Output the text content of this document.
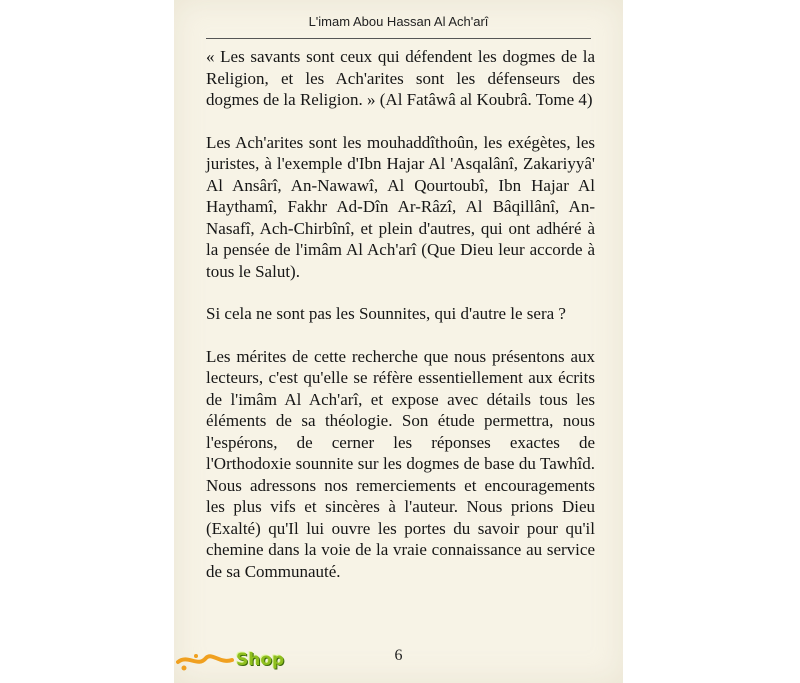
L'imam Abou Hassan Al Ach'arî

« Les savants sont ceux qui défendent les dogmes de la Religion, et les Ach'arites sont les défenseurs des dogmes de la Religion. » (Al Fatâwâ al Koubrâ. Tome 4)

Les Ach'arites sont les mouhaddîthoûn, les exégètes, les juristes, à l'exemple d'Ibn Hajar Al 'Asqalânî, Zakariyyâ' Al Ansârî, An-Nawawî, Al Qourtoubî, Ibn Hajar Al Haythamî, Fakhr Ad-Dîn Ar-Râzî, Al Bâqillânî, An-Nasafî, Ach-Chirbînî, et plein d'autres, qui ont adhéré à la pensée de l'imâm Al Ach'arî (Que Dieu leur accorde à tous le Salut).

Si cela ne sont pas les Sounnites, qui d'autre le sera ?

Les mérites de cette recherche que nous présentons aux lecteurs, c'est qu'elle se réfère essentiellement aux écrits de l'imâm Al Ach'arî, et expose avec détails tous les éléments de sa théologie. Son étude permettra, nous l'espérons, de cerner les réponses exactes de l'Orthodoxie sounnite sur les dogmes de base du Tawhîd. Nous adressons nos remerciements et encouragements les plus vifs et sincères à l'auteur. Nous prions Dieu (Exalté) qu'Il lui ouvre les portes du savoir pour qu'il chemine dans la voie de la vraie connaissance au service de sa Communauté.

6
Shop
